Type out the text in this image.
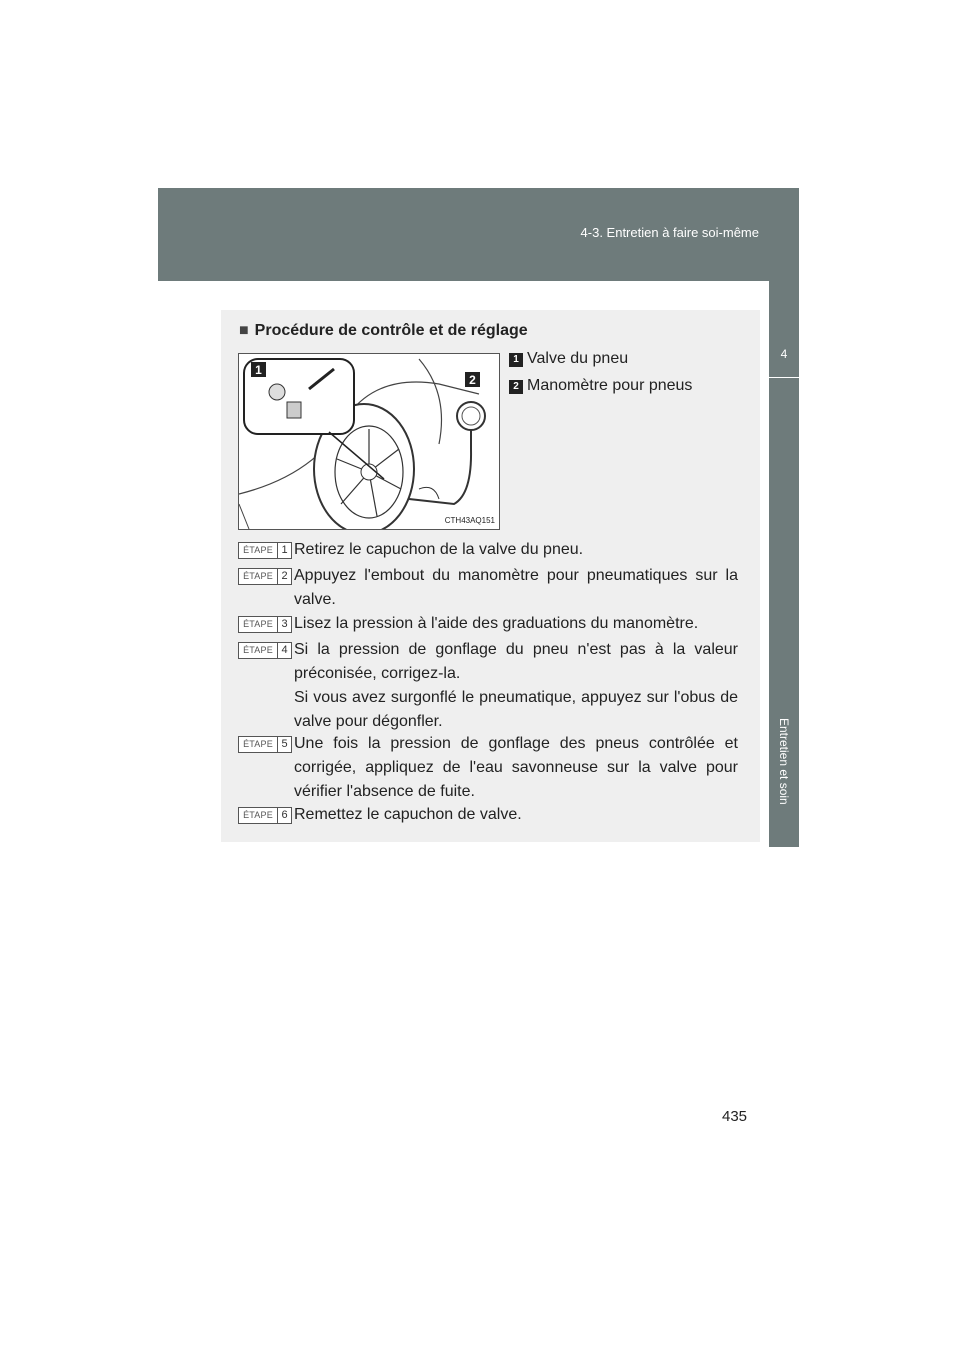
4-3. Entretien à faire soi-même
4
Entretien et soin
■ Procédure de contrôle et de réglage
1
2
CTH43AQ151
1 Valve du pneu
2 Manomètre pour pneus
ÉTAPE 1 Retirez le capuchon de la valve du pneu.
ÉTAPE 2 Appuyez l'embout du manomètre pour pneumatiques sur la valve.
ÉTAPE 3 Lisez la pression à l'aide des graduations du manomètre.
ÉTAPE 4 Si la pression de gonflage du pneu n'est pas à la valeur préconisée, corrigez-la.
Si vous avez surgonflé le pneumatique, appuyez sur l'obus de valve pour dégonfler.
ÉTAPE 5 Une fois la pression de gonflage des pneus contrôlée et corrigée, appliquez de l'eau savonneuse sur la valve pour vérifier l'absence de fuite.
ÉTAPE 6 Remettez le capuchon de valve.
435
